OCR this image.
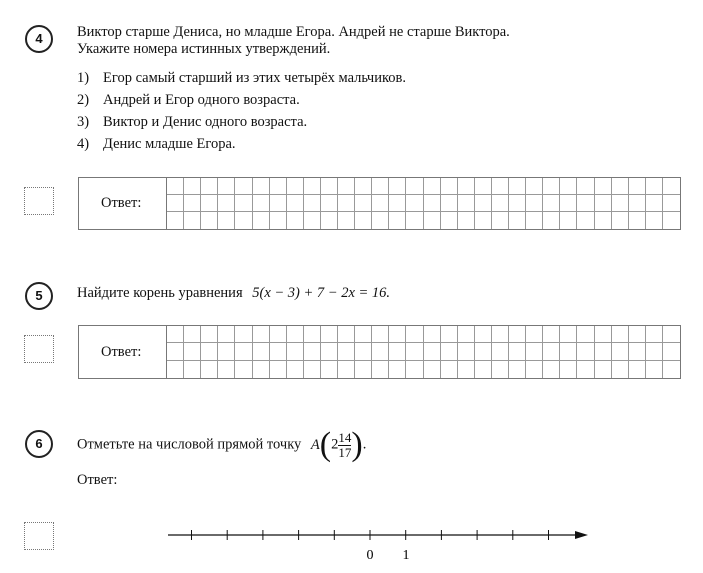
4	Виктор старше Дениса, но младше Егора. Андрей не старше Виктора.
Укажите номера истинных утверждений.
1) Егор самый старший из этих четырёх мальчиков.
2) Андрей и Егор одного возраста.
3) Виктор и Денис одного возраста.
4) Денис младше Егора.
Ответ:
5	Найдите корень уравнения 5(x − 3) + 7 − 2x = 16.
Ответ:
6	Отметьте на числовой прямой точку $A(2 \frac{14}{17}$ ).
Ответ:
0 1
